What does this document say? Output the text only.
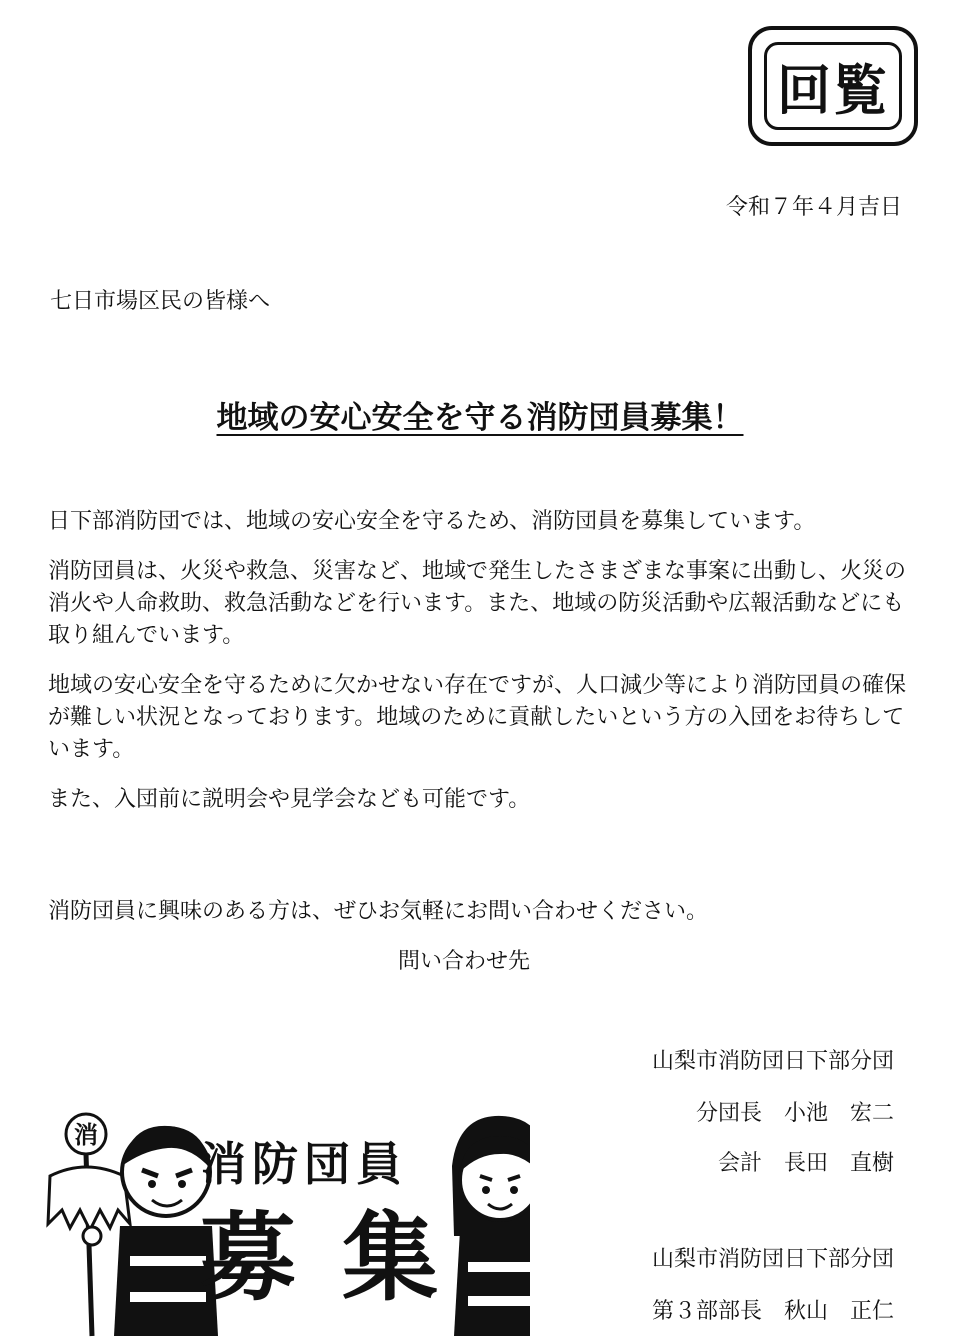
回覧
令和７年４月吉日
七日市場区民の皆様へ
地域の安心安全を守る消防団員募集！

日下部消防団では、地域の安心安全を守るため、消防団員を募集しています。

消防団員は、火災や救急、災害など、地域で発生したさまざまな事案に出動し、火災の消火や人命救助、救急活動などを行います。また、地域の防災活動や広報活動などにも取り組んでいます。

地域の安心安全を守るために欠かせない存在ですが、人口減少等により消防団員の確保が難しい状況となっております。地域のために貢献したいという方の入団をお待ちしています。

また、入団前に説明会や見学会なども可能です。

消防団員に興味のある方は、ぜひお気軽にお問い合わせください。
問い合わせ先
山梨市消防団日下部分団
分団長　小池　宏二
会計　長田　直樹
山梨市消防団日下部分団
第３部部長　秋山　正仁
消
消防団員
募集
